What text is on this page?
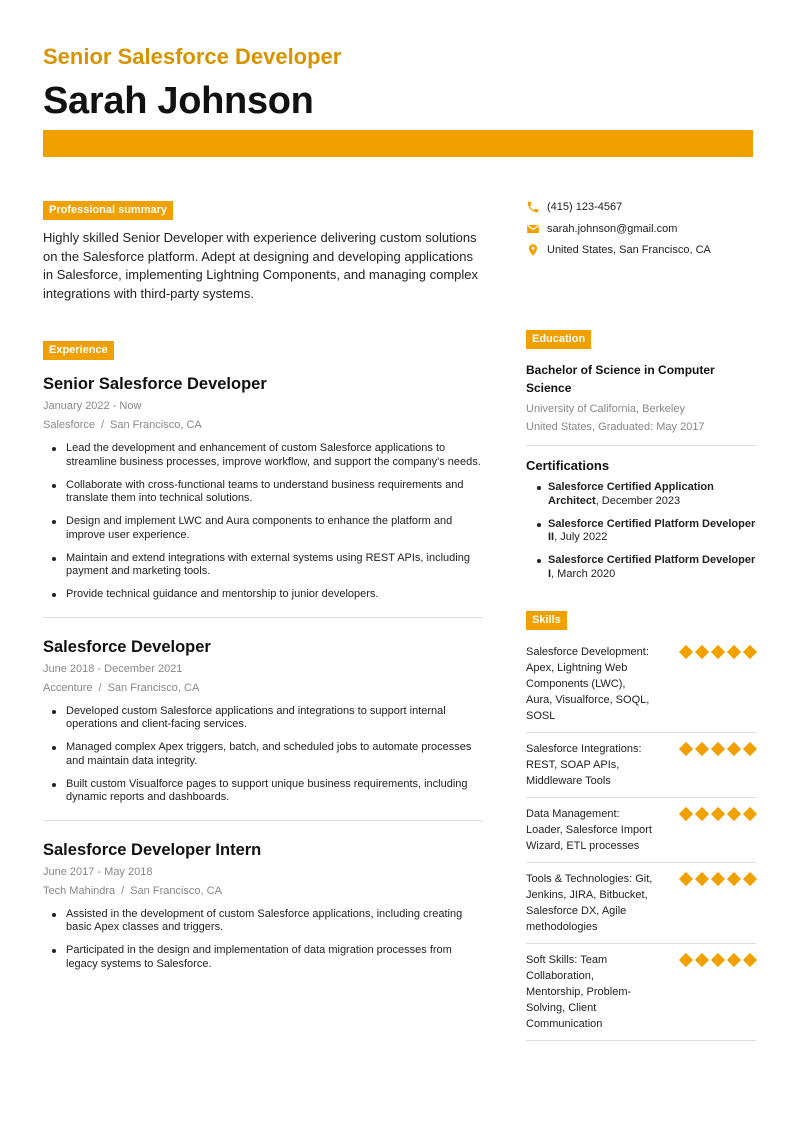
Senior Salesforce Developer
Sarah Johnson
Professional summary

Highly skilled Senior Developer with experience delivering custom solutions on the Salesforce platform. Adept at designing and developing applications in Salesforce, implementing Lightning Components, and managing complex integrations with third-party systems.

Experience
Senior Salesforce Developer
January 2022 - Now
Salesforce / San Francisco, CA
Lead the development and enhancement of custom Salesforce applications to streamline business processes, improve workflow, and support the company's needs.
Collaborate with cross-functional teams to understand business requirements and translate them into technical solutions.
Design and implement LWC and Aura components to enhance the platform and improve user experience.
Maintain and extend integrations with external systems using REST APIs, including payment and marketing tools.
Provide technical guidance and mentorship to junior developers.
Salesforce Developer
June 2018 - December 2021
Accenture / San Francisco, CA
Developed custom Salesforce applications and integrations to support internal operations and client-facing services.
Managed complex Apex triggers, batch, and scheduled jobs to automate processes and maintain data integrity.
Built custom Visualforce pages to support unique business requirements, including dynamic reports and dashboards.
Salesforce Developer Intern
June 2017 - May 2018
Tech Mahindra / San Francisco, CA
Assisted in the development of custom Salesforce applications, including creating basic Apex classes and triggers.
Participated in the design and implementation of data migration processes from legacy systems to Salesforce.
(415) 123-4567
sarah.johnson@gmail.com
United States, San Francisco, CA
Education
Bachelor of Science in Computer Science
University of California, Berkeley
United States, Graduated: May 2017
Certifications
Salesforce Certified Application Architect, December 2023
Salesforce Certified Platform Developer II, July 2022
Salesforce Certified Platform Developer I, March 2020
Skills
Salesforce Development: Apex, Lightning Web Components (LWC), Aura, Visualforce, SOQL, SOSL
Salesforce Integrations: REST, SOAP APIs, Middleware Tools
Data Management: Loader, Salesforce Import Wizard, ETL processes
Tools & Technologies: Git, Jenkins, JIRA, Bitbucket, Salesforce DX, Agile methodologies
Soft Skills: Team Collaboration, Mentorship, Problem-Solving, Client Communication
